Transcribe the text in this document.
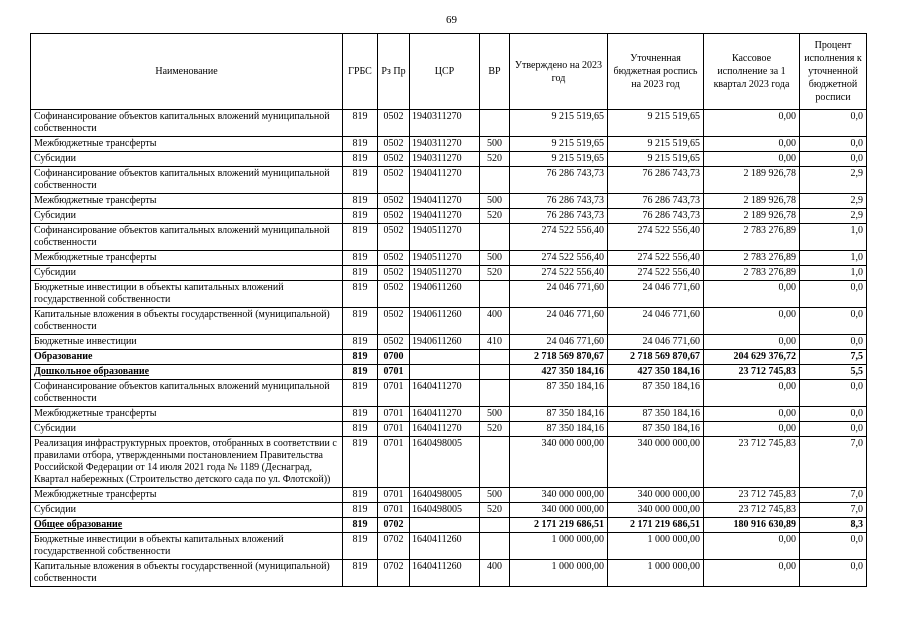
69
Наименование	ГРБС	Рз Пр	ЦСР	ВР	Утверждено на 2023 год	Уточненная бюджетная роспись на 2023 год	Кассовое исполнение за 1 квартал 2023 года	Процент исполнения к уточненной бюджетной росписи
Софинансирование объектов капитальных вложений муниципальной собственности	819	0502	1940311270		9 215 519,65	9 215 519,65	0,00	0,0
Межбюджетные трансферты	819	0502	1940311270	500	9 215 519,65	9 215 519,65	0,00	0,0
Субсидии	819	0502	1940311270	520	9 215 519,65	9 215 519,65	0,00	0,0
Софинансирование объектов капитальных вложений муниципальной собственности	819	0502	1940411270		76 286 743,73	76 286 743,73	2 189 926,78	2,9
Межбюджетные трансферты	819	0502	1940411270	500	76 286 743,73	76 286 743,73	2 189 926,78	2,9
Субсидии	819	0502	1940411270	520	76 286 743,73	76 286 743,73	2 189 926,78	2,9
Софинансирование объектов капитальных вложений муниципальной собственности	819	0502	1940511270		274 522 556,40	274 522 556,40	2 783 276,89	1,0
Межбюджетные трансферты	819	0502	1940511270	500	274 522 556,40	274 522 556,40	2 783 276,89	1,0
Субсидии	819	0502	1940511270	520	274 522 556,40	274 522 556,40	2 783 276,89	1,0
Бюджетные инвестиции в объекты капитальных вложений государственной собственности	819	0502	1940611260		24 046 771,60	24 046 771,60	0,00	0,0
Капитальные вложения в объекты государственной (муниципальной) собственности	819	0502	1940611260	400	24 046 771,60	24 046 771,60	0,00	0,0
Бюджетные инвестиции	819	0502	1940611260	410	24 046 771,60	24 046 771,60	0,00	0,0
Образование	819	0700			2 718 569 870,67	2 718 569 870,67	204 629 376,72	7,5
Дошкольное образование	819	0701			427 350 184,16	427 350 184,16	23 712 745,83	5,5
Софинансирование объектов капитальных вложений муниципальной собственности	819	0701	1640411270		87 350 184,16	87 350 184,16	0,00	0,0
Межбюджетные трансферты	819	0701	1640411270	500	87 350 184,16	87 350 184,16	0,00	0,0
Субсидии	819	0701	1640411270	520	87 350 184,16	87 350 184,16	0,00	0,0
Реализация инфраструктурных проектов, отобранных в соответствии с правилами отбора, утвержденными постановлением Правительства Российской Федерации от 14 июля 2021 года № 1189 (Деснаград, Квартал набережных (Строительство детского сада по ул. Флотской))	819	0701	1640498005		340 000 000,00	340 000 000,00	23 712 745,83	7,0
Межбюджетные трансферты	819	0701	1640498005	500	340 000 000,00	340 000 000,00	23 712 745,83	7,0
Субсидии	819	0701	1640498005	520	340 000 000,00	340 000 000,00	23 712 745,83	7,0
Общее образование	819	0702			2 171 219 686,51	2 171 219 686,51	180 916 630,89	8,3
Бюджетные инвестиции в объекты капитальных вложений государственной собственности	819	0702	1640411260		1 000 000,00	1 000 000,00	0,00	0,0
Капитальные вложения в объекты государственной (муниципальной) собственности	819	0702	1640411260	400	1 000 000,00	1 000 000,00	0,00	0,0
